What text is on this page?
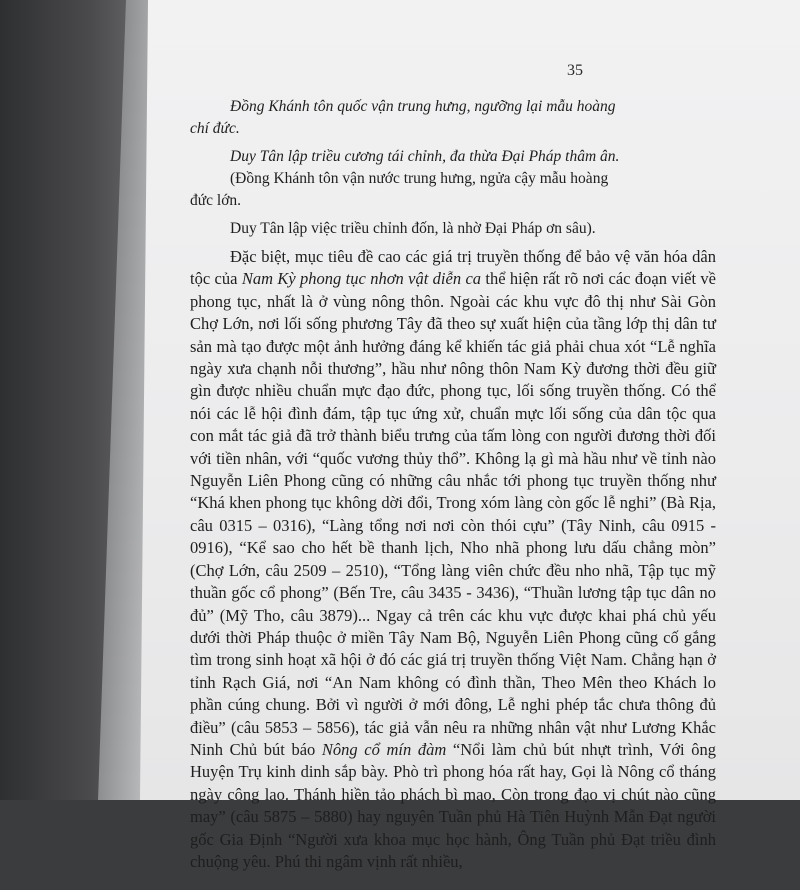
35

Đồng Khánh tôn quốc vận trung hưng, ngưỡng lại mẫu hoàng
chí đức.

Duy Tân lập triều cương tái chỉnh, đa thừa Đại Pháp thâm ân.

(Đồng Khánh tôn vận nước trung hưng, ngửa cậy mẫu hoàng
đức lớn.

Duy Tân lập việc triều chỉnh đốn, là nhờ Đại Pháp ơn sâu).

Đặc biệt, mục tiêu đề cao các giá trị truyền thống để bảo vệ văn hóa dân tộc của Nam Kỳ phong tục nhơn vật diễn ca thể hiện rất rõ nơi các đoạn viết về phong tục, nhất là ở vùng nông thôn. Ngoài các khu vực đô thị như Sài Gòn Chợ Lớn, nơi lối sống phương Tây đã theo sự xuất hiện của tầng lớp thị dân tư sản mà tạo được một ảnh hưởng đáng kể khiến tác giả phải chua xót “Lễ nghĩa ngày xưa chạnh nỗi thương”, hầu như nông thôn Nam Kỳ đương thời đều giữ gìn được nhiều chuẩn mực đạo đức, phong tục, lối sống truyền thống. Có thể nói các lễ hội đình đám, tập tục ứng xử, chuẩn mực lối sống của dân tộc qua con mắt tác giả đã trở thành biểu trưng của tấm lòng con người đương thời đối với tiền nhân, với “quốc vương thủy thổ”. Không lạ gì mà hầu như về tỉnh nào Nguyễn Liên Phong cũng có những câu nhắc tới phong tục truyền thống như “Khá khen phong tục không dời đổi, Trong xóm làng còn gốc lễ nghi” (Bà Rịa, câu 0315 – 0316), “Làng tổng nơi nơi còn thói cựu” (Tây Ninh, câu 0915 - 0916), “Kể sao cho hết bề thanh lịch, Nho nhã phong lưu dấu chẳng mòn” (Chợ Lớn, câu 2509 – 2510), “Tổng làng viên chức đều nho nhã, Tập tục mỹ thuần gốc cổ phong” (Bến Tre, câu 3435 - 3436), “Thuần lương tập tục dân no đủ” (Mỹ Tho, câu 3879)... Ngay cả trên các khu vực được khai phá chủ yếu dưới thời Pháp thuộc ở miền Tây Nam Bộ, Nguyễn Liên Phong cũng cố gắng tìm trong sinh hoạt xã hội ở đó các giá trị truyền thống Việt Nam. Chẳng hạn ở tỉnh Rạch Giá, nơi “An Nam không có đình thần, Theo Mên theo Khách lo phần cúng chung. Bởi vì người ở mới đông, Lễ nghi phép tắc chưa thông đủ điều” (câu 5853 – 5856), tác giả vẫn nêu ra những nhân vật như Lương Khắc Ninh Chủ bút báo Nông cổ mín đàm “Nổi làm chủ bút nhựt trình, Với ông Huyện Trụ kinh dinh sắp bày. Phò trì phong hóa rất hay, Gọi là Nông cổ tháng ngày công lao. Thánh hiền tảo phách bì mao, Còn trong đạo vị chút nào cũng may” (câu 5875 – 5880) hay nguyên Tuần phủ Hà Tiên Huỳnh Mẫn Đạt người gốc Gia Định “Người xưa khoa mục học hành, Ông Tuần phủ Đạt triều đình chuộng yêu. Phú thi ngâm vịnh rất nhiều,
